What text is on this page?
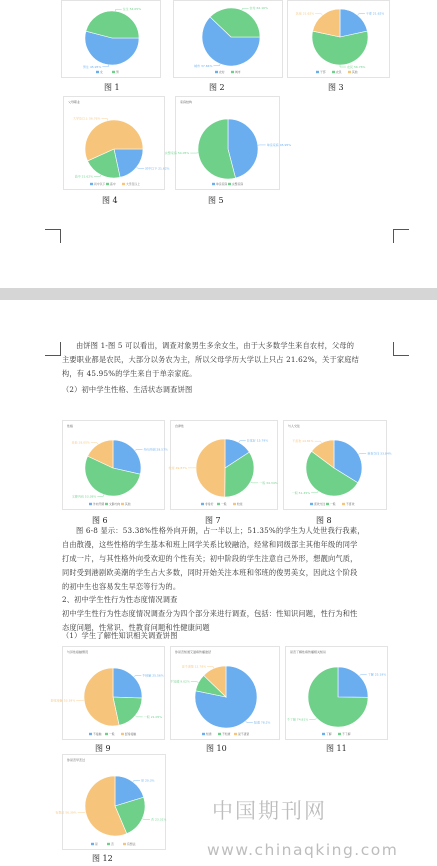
男生 45.95%
女生 54.05%
女	男
城市 37.84%
农村 62.16%
农村	城市
干部 21.62%
农民 56.76%
其他 21.62%
干部	农民	其他
图 1	图 2	图 3
初中以下 21.62%
高中 21.62%
大学及以上 56.76%
初中以下 高中	大学及以上
父母职业
单亲家庭 45.95%
完整家庭 54.05%
单亲家庭 完整家庭
家庭结构
图 4	图 5
由饼图 1-图 5 可以看出，调查对象男生多余女生，由于大多数学生来自农村，父母的
主要职业都是农民，大部分以务农为主，所以父母学历大学以上只占 21.62%，关于家庭结
构，有 45.95%的学生来自于单亲家庭。
（2）初中学生性格、生活状态调查饼图
外向开朗 28.57%
文静内向 53.38%
其他 18.05%
外向开朗 文静内向 其他
性格
非常好 15.79%
一般 34.34%
较差 49.87%
非常好	一般	较差
自律性
喜欢交往 33.84%
一般 51.35%
不喜欢 14.81%
喜欢交往 一般	不喜欢
与人交往
图 6	图 7	图 8
图 6-8 显示：53.38%性格外向开朗，占一半以上；51.35%的学生为人处世我行我素，
自由散漫，这些性格的学生基本和班上同学关系比较融洽，经常和同级部主其他年级的同学
打成一片，与其性格外向受欢迎的个性有关；初中阶段的学生注意自己外形，想靓向气质，
同时受到港剧欧美潮的学生占大多数，同时开始关注本班和邻班的俊男美女，因此这个阶段
的初中生也容易发生早恋等行为的。
2、初中学生性行为性态度情况调查
初中学生性行为性态度情况调查分为四个部分来进行调查，包括：性知识问题，性行为和性
态度问题，性常识、性教育问题和性健康问题
（1）学生了解性知识相关调查饼图
不接触 25.56%
一般 21.05%
经常接触 53.39%
不接触	一般	经常接触
与异性接触情况
知道 78.2%
不知道 9.02%
说不清楚 12.78%
知道	不知道	说不清楚
你是否知道艾滋病传播途径
了解 25.19%
不了解 74.81%
了解	不了解
是否了解性病传播相关知识
图 9	图 10	图 11
是 20.3%
否 23.31%
有想法 56.39%
是	否	有想法
你是否早恋过
图 12
中国期刊网
www.chinaqking.com
